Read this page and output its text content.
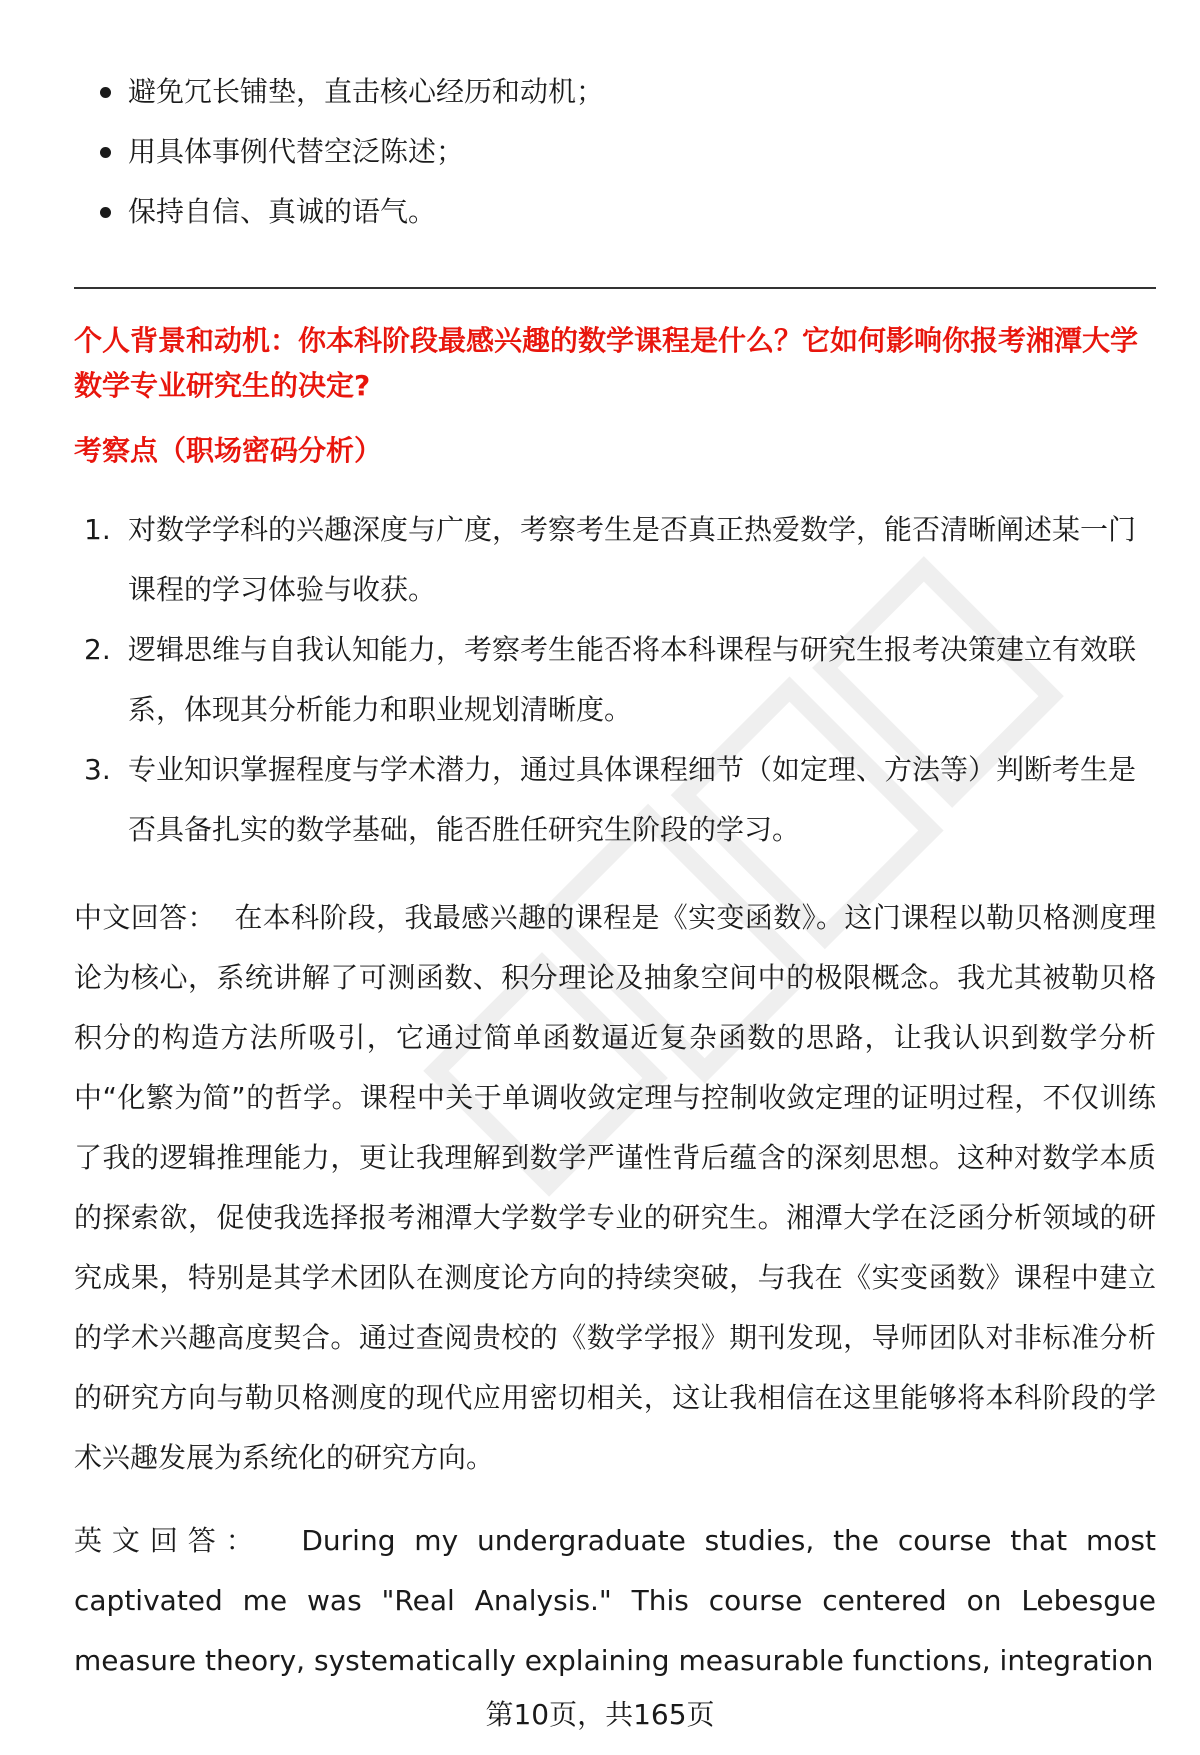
避免冗长铺垫，直击核心经历和动机；
用具体事例代替空泛陈述；
保持自信、真诚的语气。
个人背景和动机：你本科阶段最感兴趣的数学课程是什么？它如何影响你报考湘潭大学数学专业研究生的决定?
考察点（职场密码分析）
1. 对数学学科的兴趣深度与广度，考察考生是否真正热爱数学，能否清晰阐述某一门课程的学习体验与收获。
2. 逻辑思维与自我认知能力，考察考生能否将本科课程与研究生报考决策建立有效联系，体现其分析能力和职业规划清晰度。
3. 专业知识掌握程度与学术潜力，通过具体课程细节（如定理、方法等）判断考生是否具备扎实的数学基础，能否胜任研究生阶段的学习。

中文回答： 在本科阶段，我最感兴趣的课程是《实变函数》。这门课程以勒贝格测度理论为核心，系统讲解了可测函数、积分理论及抽象空间中的极限概念。我尤其被勒贝格积分的构造方法所吸引，它通过简单函数逼近复杂函数的思路，让我认识到数学分析中“化繁为简”的哲学。课程中关于单调收敛定理与控制收敛定理的证明过程，不仅训练了我的逻辑推理能力，更让我理解到数学严谨性背后蕴含的深刻思想。这种对数学本质的探索欲，促使我选择报考湘潭大学数学专业的研究生。湘潭大学在泛函分析领域的研究成果，特别是其学术团队在测度论方向的持续突破，与我在《实变函数》课程中建立的学术兴趣高度契合。通过查阅贵校的《数学学报》期刊发现，导师团队对非标准分析的研究方向与勒贝格测度的现代应用密切相关，这让我相信在这里能够将本科阶段的学术兴趣发展为系统化的研究方向。

英文回答： During my undergraduate studies, the course that most captivated me was "Real Analysis." This course centered on Lebesgue measure theory, systematically explaining measurable functions, integration

第10页，共165页
